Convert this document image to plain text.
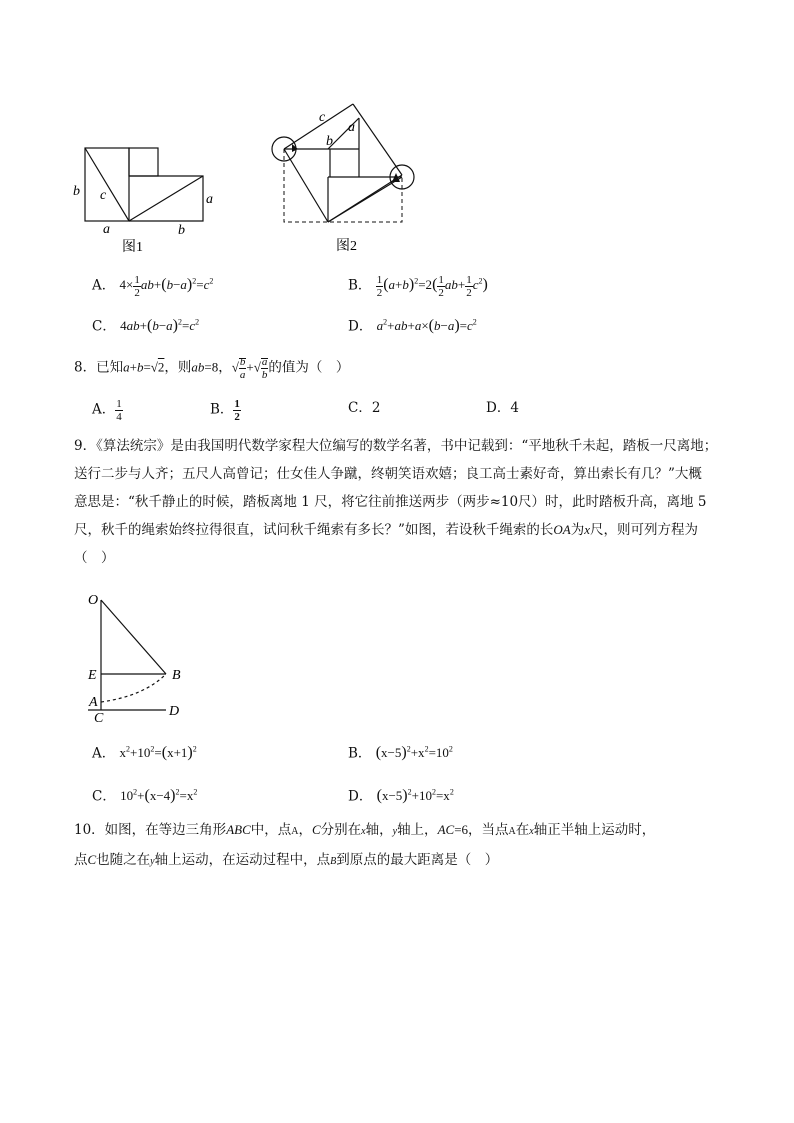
b c	a
a	b
图1
c
a
b
图2
A． $4\times \frac{1}{2} ab+(b-a)^2=c^2$	B． $\frac{1}{2} (a+b)^2=2( \frac{1}{2} ab+ \frac{1}{2} c^2)$
C． $4ab+(b-a)^2=c^2$	D． $a^2+ab+a\times(b-a)=c^2$
8．已知a+b=√2，则ab=8，√ $\frac{b}{a}$ +√ $\frac{a}{b}$ 的值为（　）
A． $\frac{1}{4}$	B． $\frac{1}{2}$	C．2	D．4
9．《算法统宗》是由我国明代数学家程大位编写的数学名著，书中记载到：“平地秋千未起，踏板一尺离地；
送行二步与人齐；五尺人高曾记；仕女佳人争蹴，终朝笑语欢嬉；良工高士素好奇，算出索长有几？”大概
意思是：“秋千静止的时候，踏板离地 1 尺，将它往前推送两步（两步≈10尺）时，此时踏板升高，离地 5
尺，秋千的绳索始终拉得很直，试问秋千绳索有多长？”如图，若设秋千绳索的长OA为x尺，则可列方程为
（　）
O
E	B
A
C	D
A． $x^2+10^2=(x+1)^2$	B． $(x-5)^2+x^2=10^2$
C． $10^2+(x-4)^2=x^2$	D． $(x-5)^2+10^2=x^2$
10．如图，在等边三角形ABC中，点A，C分别在x轴，y轴上，AC=6，当点A在x轴正半轴上运动时，
点C也随之在y轴上运动，在运动过程中，点B到原点的最大距离是（　）
